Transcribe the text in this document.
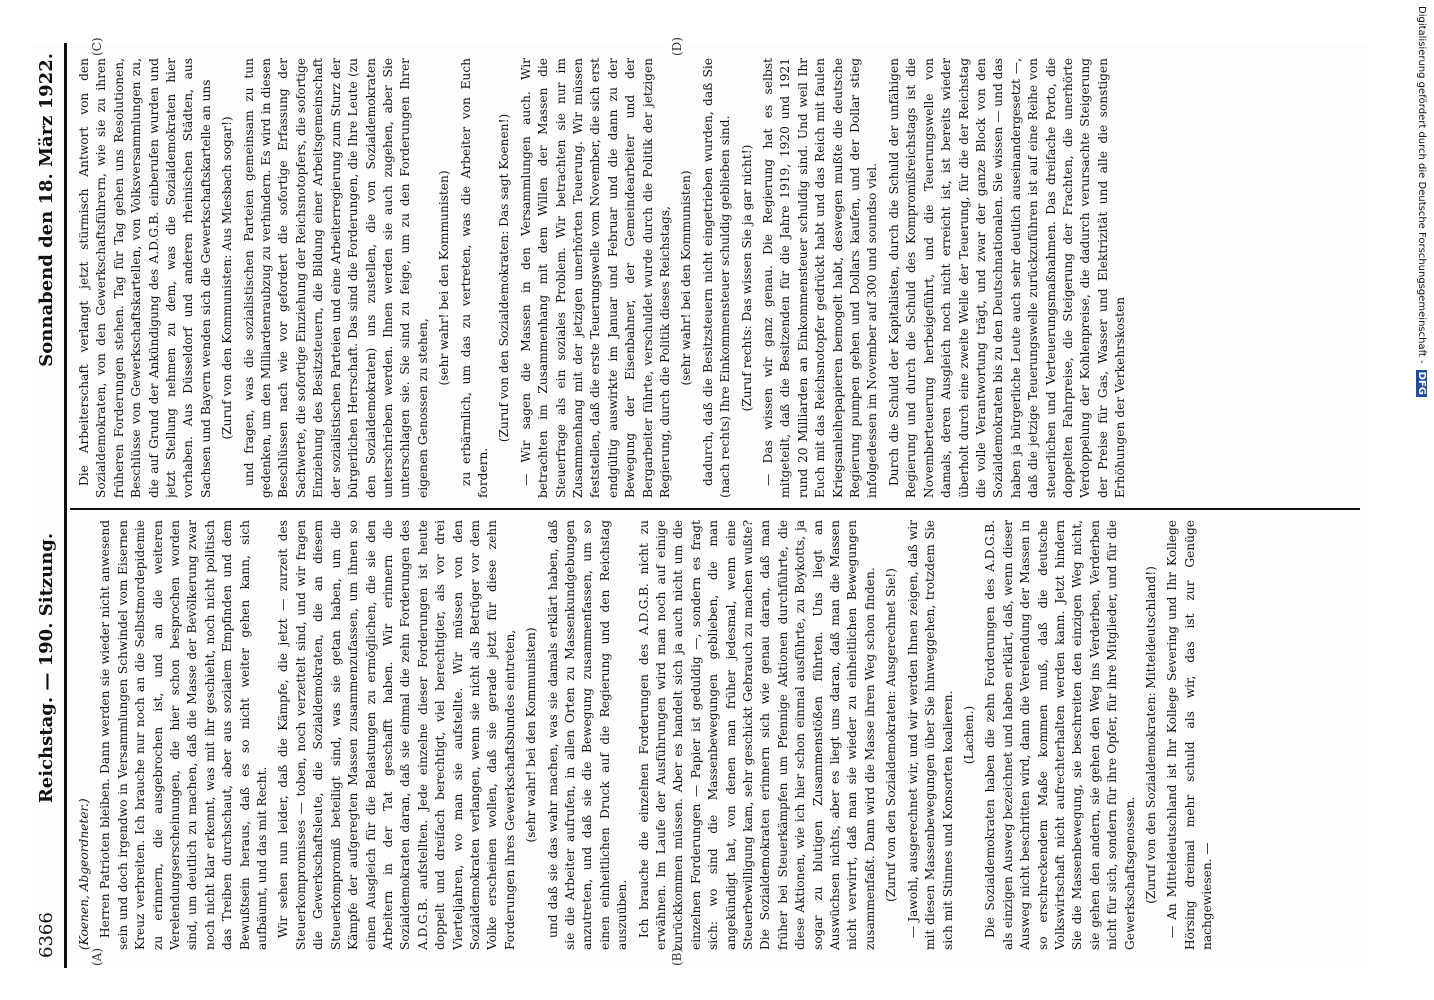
6366
Reichstag. — 190. Sitzung.
Sonnabend den 18. März 1922.
(A)	(B)
(C)	(D)

(Koenen, Abgeordneter.) Herren Patrioten bleiben. Dann werden sie wieder nicht anwesend sein und doch irgendwo in Versammlungen Schwindel vom Eisernen Kreuz verbreiten. Ich brauche nur noch an die Selbstmordepidemie zu erinnern, die ausgebrochen ist, und an die weiteren Verelendungserscheinungen, die hier schon besprochen worden sind, um deutlich zu machen, daß die Masse der Bevölkerung zwar noch nicht klar erkennt, was mit ihr geschieht, noch nicht politisch das Treiben durchschaut, aber aus sozialem Empfinden und dem Bewußtsein heraus, daß es so nicht weiter gehen kann, sich aufbäumt, und das mit Recht. Wir sehen nun leider, daß die Kämpfe, die jetzt — zurzeit des Steuerkompromisses — toben, noch verzettelt sind, und wir fragen die Gewerkschaftsleute, die Sozialdemokraten, die an diesem Steuerkompromiß beteiligt sind, was sie getan haben, um die Kämpfe der aufgeregten Massen zusammenzufassen, um ihnen so einen Ausgleich für die Belastungen zu ermöglichen, die sie den Arbeitern in der Tat geschafft haben. Wir erinnern die Sozialdemokraten daran, daß sie einmal die zehn Forderungen des A.D.G.B. aufstellten. Jede einzelne dieser Forderungen ist heute doppelt und dreifach berechtigt, viel berechtigter, als vor drei Vierteljahren, wo man sie aufstellte. Wir müssen von den Sozialdemokraten verlangen, wenn sie nicht als Betrüger vor dem Volke erscheinen wollen, daß sie gerade jetzt für diese zehn Forderungen ihres Gewerkschaftsbundes eintreten, (sehr wahr! bei den Kommunisten) und daß sie das wahr machen, was sie damals erklärt haben, daß sie die Arbeiter aufrufen, in allen Orten zu Massenkundgebungen anzutreten, und daß sie die Bewegung zusammenfassen, um so einen einheitlichen Druck auf die Regierung und den Reichstag auszuüben. Ich brauche die einzelnen Forderungen des A.D.G.B. nicht zu erwähnen. Im Laufe der Ausführungen wird man noch auf einige zurückkommen müssen. Aber es handelt sich ja auch nicht um die einzelnen Forderungen — Papier ist geduldig —, sondern es fragt sich: wo sind die Massenbewegungen geblieben, die man angekündigt hat, von denen man früher jedesmal, wenn eine Steuerbewilligung kam, sehr geschickt Gebrauch zu machen wußte? Die Sozialdemokraten erinnern sich wie genau daran, daß man früher bei Steuerkämpfen um Pfennige Aktionen durchführte, die diese Aktionen, wie ich hier schon einmal ausführte, zu Boykotts, ja sogar zu blutigen Zusammenstößen führten. Uns liegt an Auswüchsen nichts, aber es liegt uns daran, daß man die Massen nicht verwirrt, daß man sie wieder zu einheitlichen Bewegungen zusammenfaßt. Dann wird die Masse ihren Weg schon finden. (Zuruf von den Sozialdemokraten: Ausgerechnet Sie!) — Jawohl, ausgerechnet wir, und wir werden Ihnen zeigen, daß wir mit diesen Massenbewegungen über Sie hinweggehen, trotzdem Sie sich mit Stinnes und Konsorten koalieren. (Lachen.) Die Sozialdemokraten haben die zehn Forderungen des A.D.G.B. als einzigen Ausweg bezeichnet und haben erklärt, daß, wenn dieser Ausweg nicht beschritten wird, dann die Verelendung der Massen in so erschreckendem Maße kommen muß, daß die deutsche Volkswirtschaft nicht aufrechterhalten werden kann. Jetzt hindern Sie die Massenbewegung, sie beschreiten den einzigen Weg nicht, sie gehen den andern, sie gehen den Weg ins Verderben, Verderben nicht für sich, sondern für ihre Opfer, für ihre Mitglieder, und für die Gewerkschaftsgenossen. (Zuruf von den Sozialdemokraten: Mitteldeutschland!) — An Mitteldeutschland ist Ihr Kollege Severing und Ihr Kollege Hörsing dreimal mehr schuld als wir, das ist zur Genüge nachgewiesen. —

Die Arbeiterschaft verlangt jetzt stürmisch Antwort von den Sozialdemokraten, von den Gewerkschaftsführern, wie sie zu ihren früheren Forderungen stehen. Tag für Tag gehen uns Resolutionen, Beschlüsse von Gewerkschaftskartellen, von Volksversammlungen zu, die auf Grund der Ankündigung des A.D.G.B. einberufen wurden und jetzt Stellung nehmen zu dem, was die Sozialdemokraten hier vorhaben. Aus Düsseldorf und anderen rheinischen Städten, aus Sachsen und Bayern wenden sich die Gewerkschaftskartelle an uns (Zuruf von den Kommunisten: Aus Miesbach sogar!) und fragen, was die sozialistischen Parteien gemeinsam zu tun gedenken, um den Milliardenraubzug zu verhindern. Es wird in diesen Beschlüssen nach wie vor gefordert die sofortige Erfassung der Sachwerte, die sofortige Einziehung der Reichsnotopfers, die sofortige Einziehung des Besitzsteuern, die Bildung einer Arbeitsgemeinschaft der sozialistischen Parteien und eine Arbeiterregierung zum Sturz der bürgerlichen Herrschaft. Das sind die Forderungen, die Ihre Leute (zu den Sozialdemokraten) uns zustellen, die von Sozialdemokraten unterschrieben werden. Ihnen werden sie auch zugehen, aber Sie unterschlagen sie. Sie sind zu feige, um zu den Forderungen Ihrer eigenen Genossen zu stehen,

(sehr wahr! bei den Kommunisten) zu erbärmlich, um das zu vertreten, was die Arbeiter von Euch fordern.

(Zuruf von den Sozialdemokraten: Das sagt Koenen!) — Wir sagen die Massen in den Versammlungen auch. Wir betrachten im Zusammenhang mit dem Willen der Massen die Steuerfrage als ein soziales Problem. Wir betrachten sie nur im Zusammenhang mit der jetzigen unerhörten Teuerung. Wir müssen feststellen, daß die erste Teuerungswelle vom November, die sich erst endgültig auswirkte im Januar und Februar und die dann zu der Bewegung der Eisenbahner, der Gemeindearbeiter und der Bergarbeiter führte, verschuldet wurde durch die Politik der jetzigen Regierung, durch die Politik dieses Reichstags, (sehr wahr! bei den Kommunisten) dadurch, daß die Besitzsteuern nicht eingetrieben wurden, daß Sie (nach rechts) Ihre Einkommensteuer schuldig geblieben sind. (Zuruf rechts: Das wissen Sie ja gar nicht!) — Das wissen wir ganz genau. Die Regierung hat es selbst mitgeteilt, daß die Besitzenden für die Jahre 1919, 1920 und 1921 rund 20 Milliarden an Einkommensteuer schuldig sind. Und weil Ihr Euch mit das Reichsnotopfer gedrückt habt und das Reich mit faulen Kriegsanleihepapieren bemogelt habt, deswegen mußte die deutsche Regierung pumpen gehen und Dollars kaufen, und der Dollar stieg infolgedessen im November auf 300 und soundso viel. Durch die Schuld der Kapitalisten, durch die Schuld der unfähigen Regierung und durch die Schuld des Kompromißreichstags ist die Novemberteuerung herbeigeführt, und die Teuerungswelle von damals, deren Ausgleich noch nicht erreicht ist, ist bereits wieder überholt durch eine zweite Welle der Teuerung, für die der Reichstag die volle Verantwortung trägt, und zwar der ganze Block von den Sozialdemokraten bis zu den Deutschnationalen. Sie wissen — und das haben ja bürgerliche Leute auch sehr deutlich auseinandergesetzt —, daß die jetzige Teuerungswelle zurückzuführen ist auf eine Reihe von steuerlichen und Verteuerungsmaßnahmen. Das dreifache Porto, die doppelten Fahrpreise, die Steigerung der Frachten, die unerhörte Verdoppelung der Kohlenpreise, die dadurch verursachte Steigerung der Preise für Gas, Wasser und Elektrizität und alle die sonstigen Erhöhungen der Verkehrskosten

Digitalisierung gefördert durch die Deutsche Forschungsgemeinschaft -DFG
